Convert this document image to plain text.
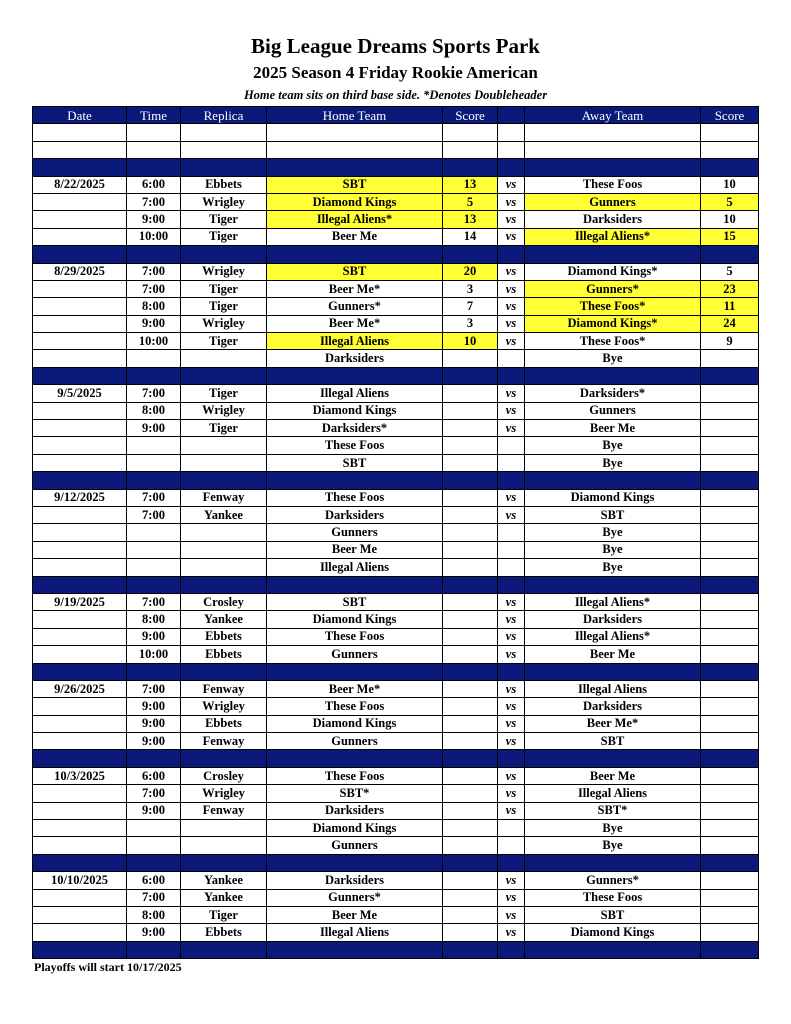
Big League Dreams Sports Park
2025 Season 4 Friday Rookie American
Home team sits on third base side. *Denotes Doubleheader
Date	Time	Replica	Home Team	Score		Away Team	Score

8/22/2025	6:00	Ebbets	SBT	13	vs	These Foos	10
	7:00	Wrigley	Diamond Kings	5	vs	Gunners	5
	9:00	Tiger	Illegal Aliens*	13	vs	Darksiders	10
	10:00	Tiger	Beer Me	14	vs	Illegal Aliens*	15

8/29/2025	7:00	Wrigley	SBT	20	vs	Diamond Kings*	5
	7:00	Tiger	Beer Me*	3	vs	Gunners*	23
	8:00	Tiger	Gunners*	7	vs	These Foos*	11
	9:00	Wrigley	Beer Me*	3	vs	Diamond Kings*	24
	10:00	Tiger	Illegal Aliens	10	vs	These Foos*	9
			Darksiders			Bye	

9/5/2025	7:00	Tiger	Illegal Aliens		vs	Darksiders*	
	8:00	Wrigley	Diamond Kings		vs	Gunners	
	9:00	Tiger	Darksiders*		vs	Beer Me	
			These Foos			Bye	
			SBT			Bye	

9/12/2025	7:00	Fenway	These Foos		vs	Diamond Kings	
	7:00	Yankee	Darksiders		vs	SBT	
			Gunners			Bye	
			Beer Me			Bye	
			Illegal Aliens			Bye	

9/19/2025	7:00	Crosley	SBT		vs	Illegal Aliens*	
	8:00	Yankee	Diamond Kings		vs	Darksiders	
	9:00	Ebbets	These Foos		vs	Illegal Aliens*	
	10:00	Ebbets	Gunners		vs	Beer Me	

9/26/2025	7:00	Fenway	Beer Me*		vs	Illegal Aliens	
	9:00	Wrigley	These Foos		vs	Darksiders	
	9:00	Ebbets	Diamond Kings		vs	Beer Me*	
	9:00	Fenway	Gunners		vs	SBT	

10/3/2025	6:00	Crosley	These Foos		vs	Beer Me	
	7:00	Wrigley	SBT*		vs	Illegal Aliens	
	9:00	Fenway	Darksiders		vs	SBT*	
			Diamond Kings			Bye	
			Gunners			Bye	

10/10/2025	6:00	Yankee	Darksiders		vs	Gunners*	
	7:00	Yankee	Gunners*		vs	These Foos	
	8:00	Tiger	Beer Me		vs	SBT	
	9:00	Ebbets	Illegal Aliens		vs	Diamond Kings	

Playoffs will start 10/17/2025
